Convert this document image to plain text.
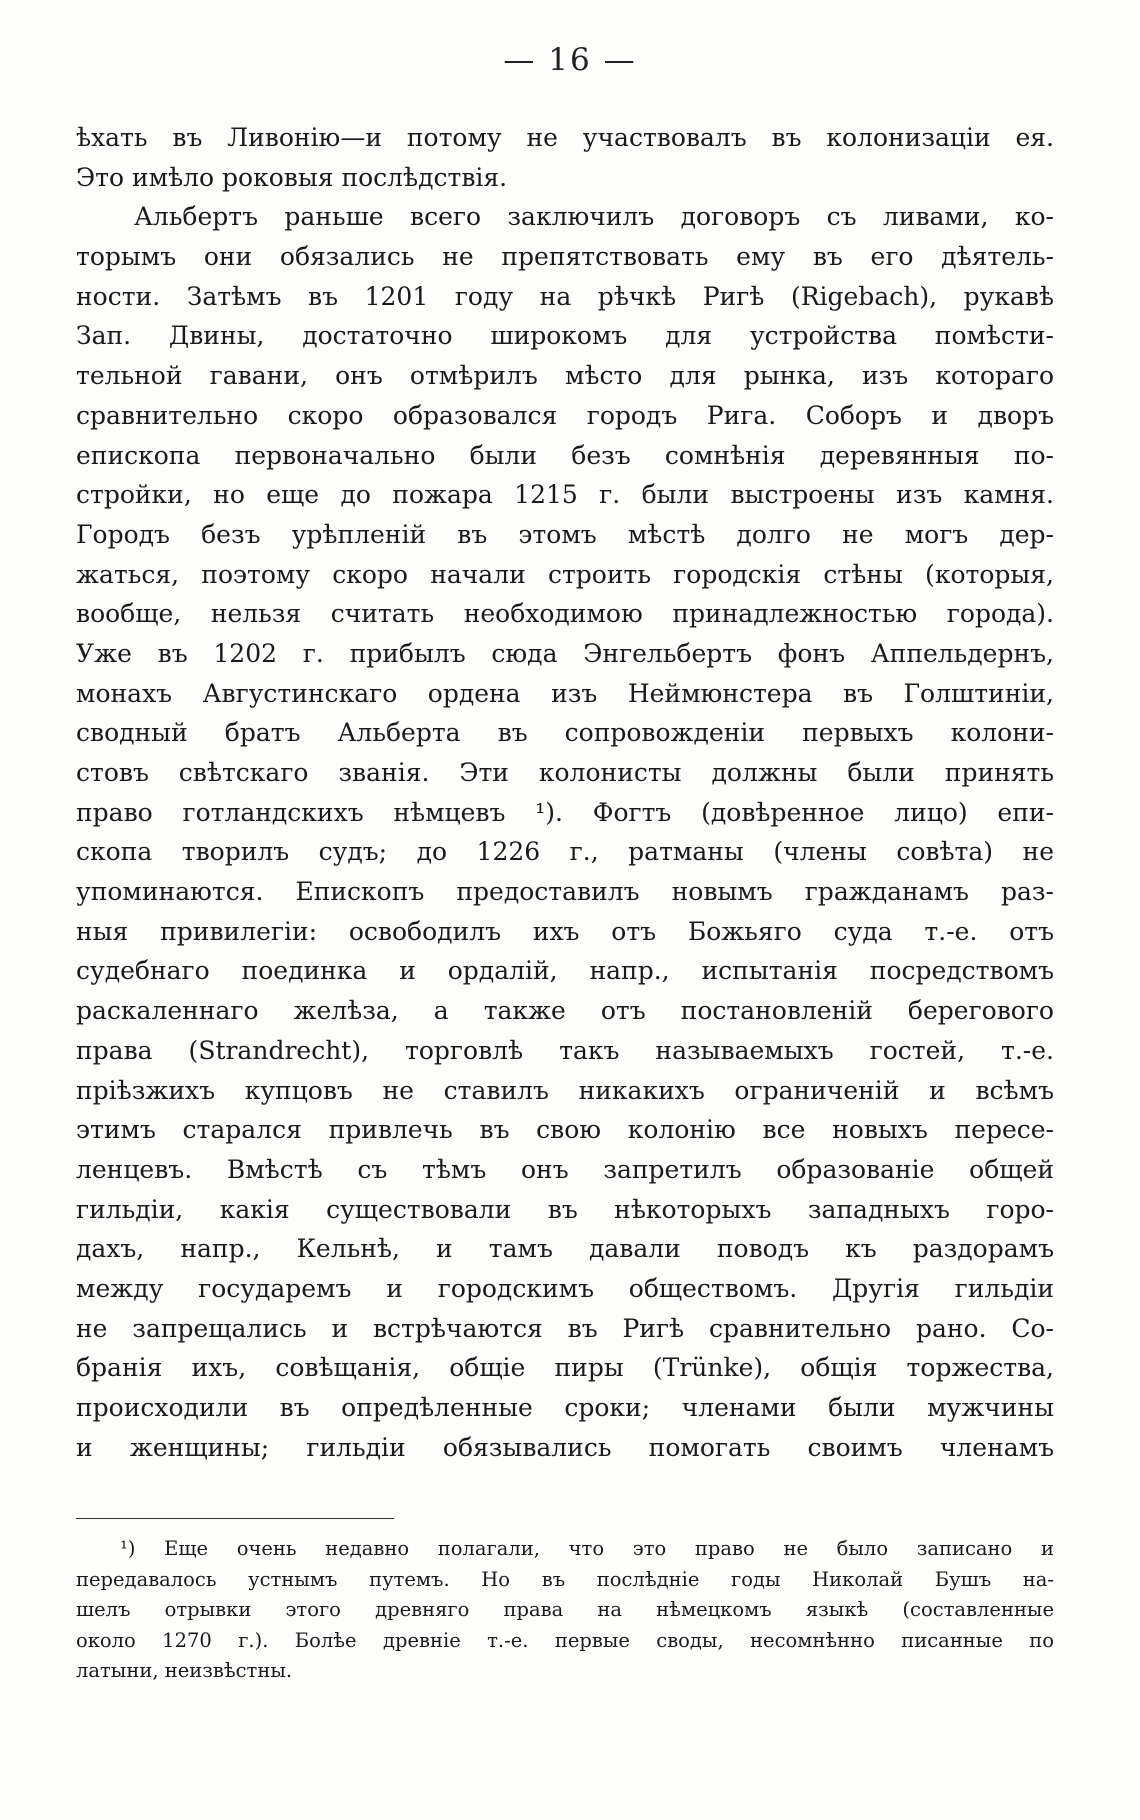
— 16 —
ѣхать въ Ливонію—и потому не участвовалъ въ колонизаціи ея.
Это имѣло роковыя послѣдствія.
Альбертъ раньше всего заключилъ договоръ съ ливами, ко-
торымъ они обязались не препятствовать ему въ его дѣятель-
ности. Затѣмъ въ 1201 году на рѣчкѣ Ригѣ (Rigebach), рукавѣ
Зап. Двины, достаточно широкомъ для устройства помѣсти-
тельной гавани, онъ отмѣрилъ мѣсто для рынка, изъ котораго
сравнительно скоро образовался городъ Рига. Соборъ и дворъ
епископа первоначально были безъ сомнѣнія деревянныя по-
стройки, но еще до пожара 1215 г. были выстроены изъ камня.
Городъ безъ урѣпленій въ этомъ мѣстѣ долго не могъ дер-
жаться, поэтому скоро начали строить городскія стѣны (которыя,
вообще, нельзя считать необходимою принадлежностью города).
Уже въ 1202 г. прибылъ сюда Энгельбертъ фонъ Аппельдернъ,
монахъ Августинскаго ордена изъ Неймюнстера въ Голштиніи,
сводный братъ Альберта въ сопровожденіи первыхъ колони-
стовъ свѣтскаго званія. Эти колонисты должны были принять
право готландскихъ нѣмцевъ ¹). Фогтъ (довѣренное лицо) епи-
скопа творилъ судъ; до 1226 г., ратманы (члены совѣта) не
упоминаются. Епископъ предоставилъ новымъ гражданамъ раз-
ныя привилегіи: освободилъ ихъ отъ Божьяго суда т.-е. отъ
судебнаго поединка и ордалій, напр., испытанія посредствомъ
раскаленнаго желѣза, а также отъ постановленій берегового
права (Strandrecht), торговлѣ такъ называемыхъ гостей, т.-е.
пріѣзжихъ купцовъ не ставилъ никакихъ ограниченій и всѣмъ
этимъ старался привлечь въ свою колонію все новыхъ пересе-
ленцевъ. Вмѣстѣ съ тѣмъ онъ запретилъ образованіе общей
гильдіи, какія существовали въ нѣкоторыхъ западныхъ горо-
дахъ, напр., Кельнѣ, и тамъ давали поводъ къ раздорамъ
между государемъ и городскимъ обществомъ. Другія гильдіи
не запрещались и встрѣчаются въ Ригѣ сравнительно рано. Со-
бранія ихъ, совѣщанія, общіе пиры (Trünke), общія торжества,
происходили въ опредѣленные сроки; членами были мужчины
и женщины; гильдіи обязывались помогать своимъ членамъ
¹) Еще очень недавно полагали, что это право не было записано и
передавалось устнымъ путемъ. Но въ послѣдніе годы Николай Бушъ на-
шелъ отрывки этого древняго права на нѣмецкомъ языкѣ (составленные
около 1270 г.). Болѣе древніе т.-е. первые своды, несомнѣнно писанные по
латыни, неизвѣстны.
